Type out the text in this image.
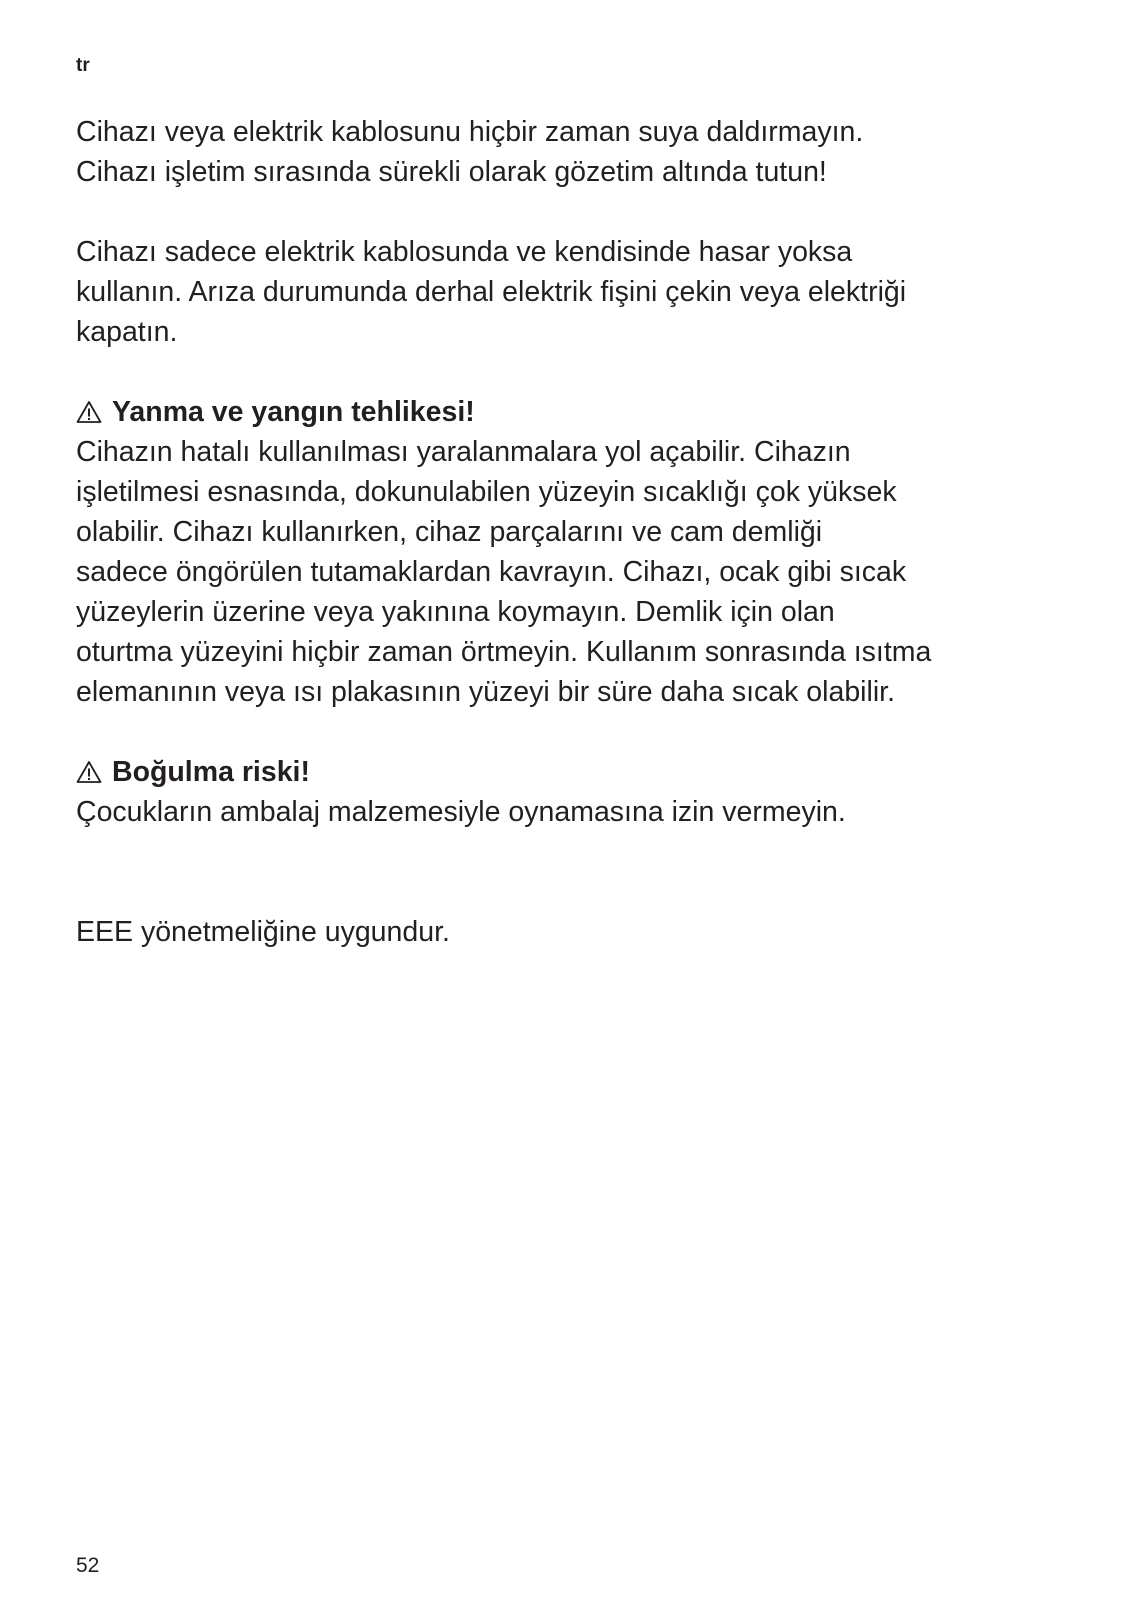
tr
Cihazı veya elektrik kablosunu hiçbir zaman suya daldırmayın.
Cihazı işletim sırasında sürekli olarak gözetim altında tutun!
Cihazı sadece elektrik kablosunda ve kendisinde hasar yoksa
kullanın. Arıza durumunda derhal elektrik fişini çekin veya elektriği
kapatın.
Yanma ve yangın tehlikesi!
Cihazın hatalı kullanılması yaralanmalara yol açabilir. Cihazın
işletilmesi esnasında, dokunulabilen yüzeyin sıcaklığı çok yüksek
olabilir. Cihazı kullanırken, cihaz parçalarını ve cam demliği
sadece öngörülen tutamaklardan kavrayın. Cihazı, ocak gibi sıcak
yüzeylerin üzerine veya yakınına koymayın. Demlik için olan
oturtma yüzeyini hiçbir zaman örtmeyin. Kullanım sonrasında ısıtma
elemanının veya ısı plakasının yüzeyi bir süre daha sıcak olabilir.
Boğulma riski!
Çocukların ambalaj malzemesiyle oynamasına izin vermeyin.
EEE yönetmeliğine uygundur.
52
